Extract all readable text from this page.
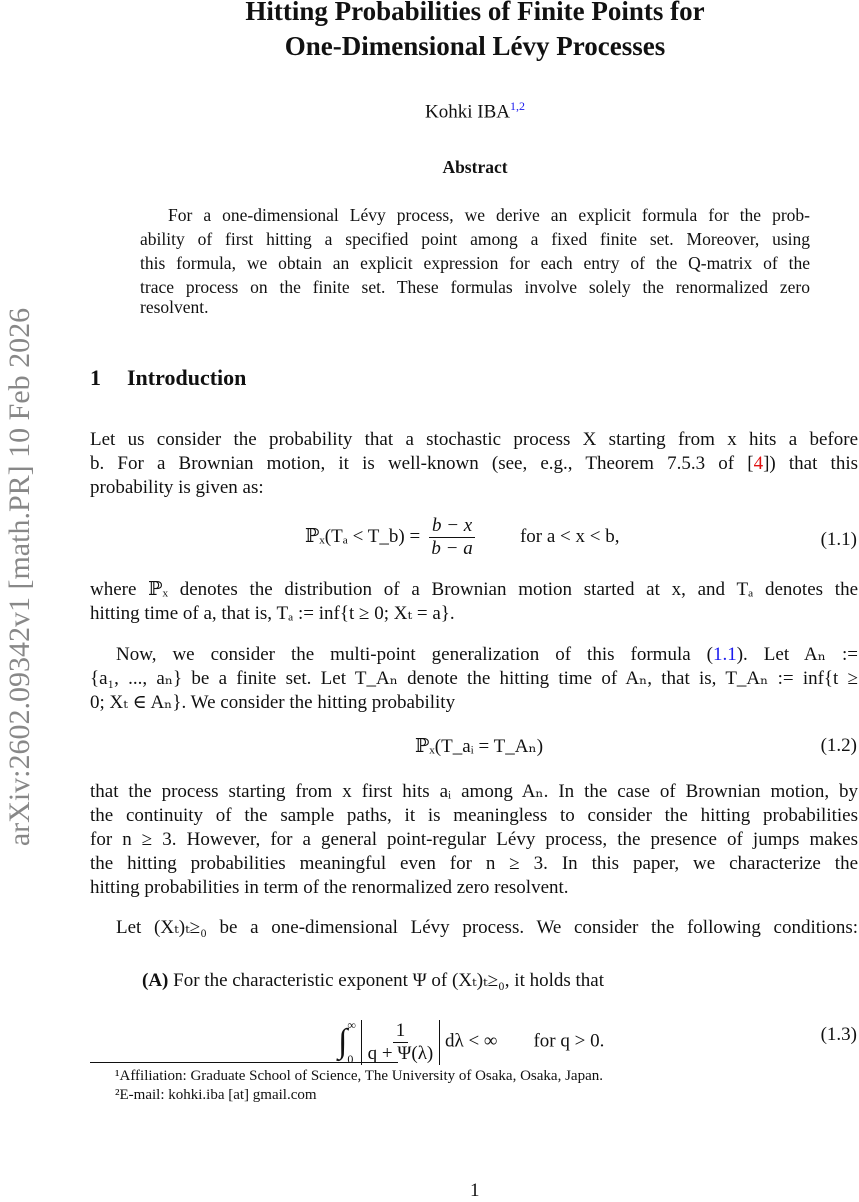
arXiv:2602.09342v1 [math.PR] 10 Feb 2026
Hitting Probabilities of Finite Points for
One-Dimensional Lévy Processes
Kohki IBA$^{1,2}$
Abstract
For a one-dimensional Lévy process, we derive an explicit formula for the prob-
ability of first hitting a specified point among a fixed finite set. Moreover, using
this formula, we obtain an explicit expression for each entry of the Q-matrix of the
trace process on the finite set. These formulas involve solely the renormalized zero
resolvent.
1 Introduction
Let us consider the probability that a stochastic process X starting from x hits a before
b. For a Brownian motion, it is well-known (see, e.g., Theorem 7.5.3 of [4]) that this
probability is given as:
ℙₓ(Tₐ < T_b) = $\frac{b - x}{b - a}$ for a < x < b,	(1.1)
where ℙₓ denotes the distribution of a Brownian motion started at x, and Tₐ denotes the
hitting time of a, that is, Tₐ := inf{t ≥ 0; Xₜ = a}.
Now, we consider the multi-point generalization of this formula (1.1). Let Aₙ :=
{a₁, ..., aₙ} be a finite set. Let T_Aₙ denote the hitting time of Aₙ, that is, T_Aₙ := inf{t ≥
0; Xₜ ∈ Aₙ}. We consider the hitting probability
ℙₓ(T_aᵢ = T_Aₙ)	(1.2)
that the process starting from x first hits aᵢ among Aₙ. In the case of Brownian motion, by
the continuity of the sample paths, it is meaningless to consider the hitting probabilities
for n ≥ 3. However, for a general point-regular Lévy process, the presence of jumps makes
the hitting probabilities meaningful even for n ≥ 3. In this paper, we characterize the
hitting probabilities in term of the renormalized zero resolvent.
Let (Xₜ)ₜ≥₀ be a one-dimensional Lévy process. We consider the following conditions:
(A) For the characteristic exponent Ψ of (Xₜ)ₜ≥₀, it holds that
∫ ∞
0
$\frac{1}{q + \Psi(\lambda)}$ dλ < ∞ for q > 0.	(1.3)
¹Affiliation: Graduate School of Science, The University of Osaka, Osaka, Japan.
²E-mail: kohki.iba [at] gmail.com
1
